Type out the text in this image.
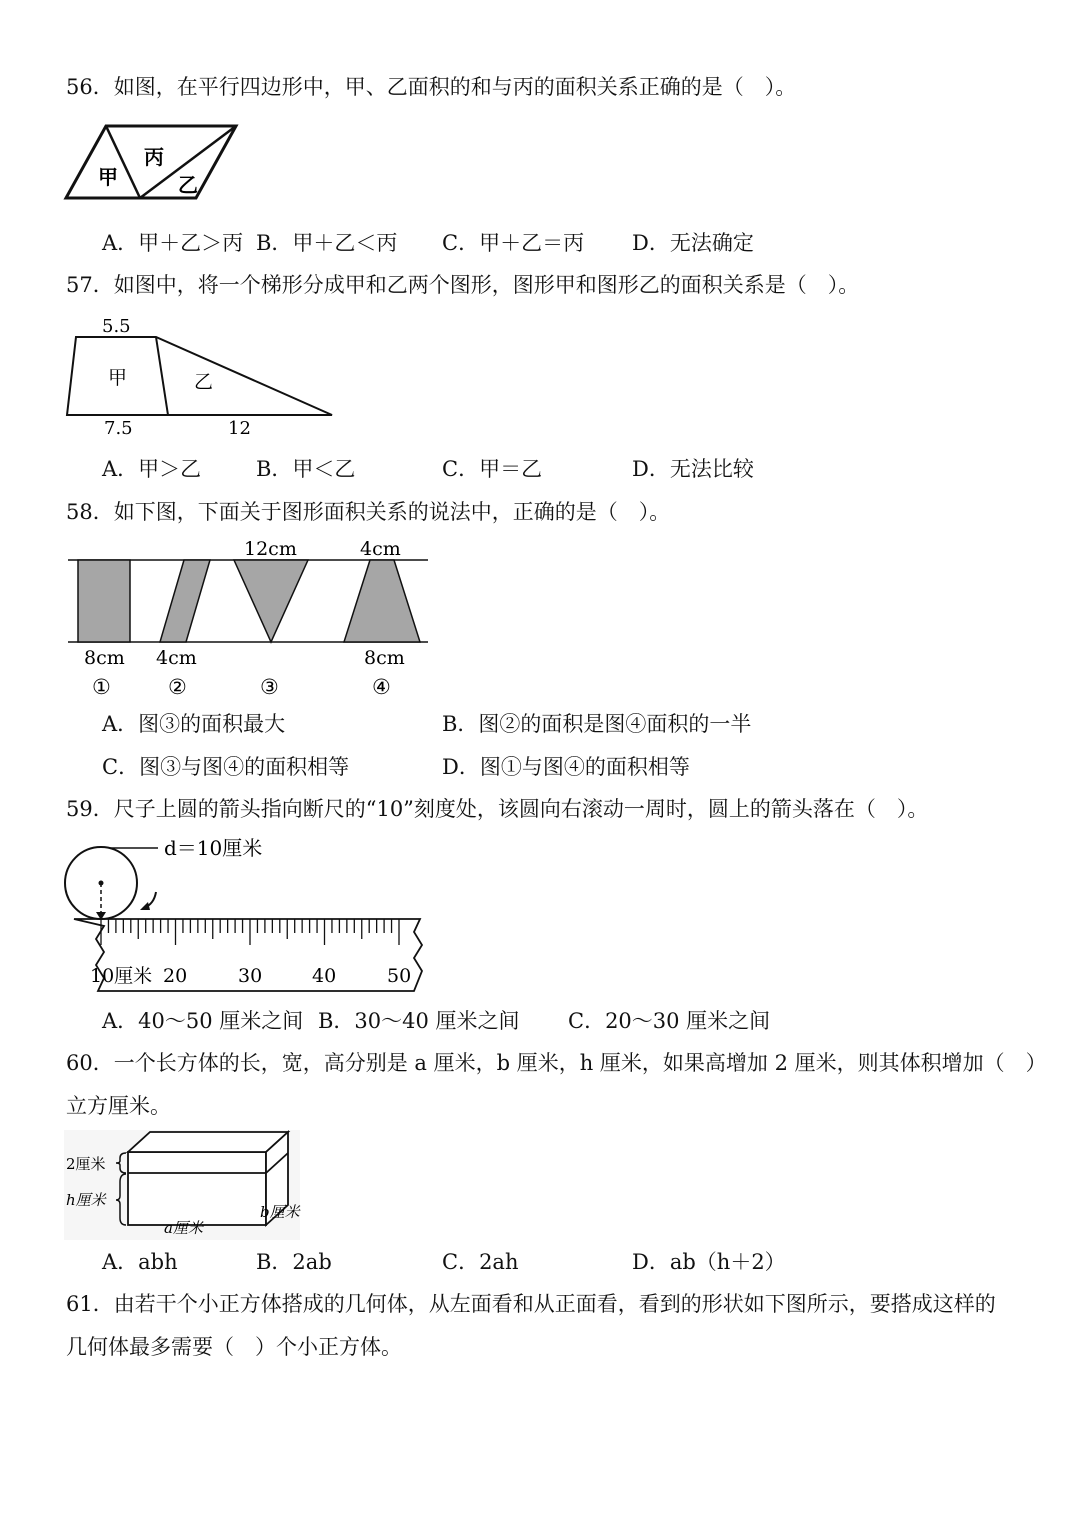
56．如图，在平行四边形中，甲、乙面积的和与丙的面积关系正确的是（　）。
甲
丙
乙
A．甲＋乙＞丙 B．甲＋乙＜丙 C．甲＋乙＝丙 D．无法确定
57．如图中，将一个梯形分成甲和乙两个图形，图形甲和图形乙的面积关系是（　）。
5.5
甲	乙
7.5	12
A．甲＞乙	B．甲＜乙	C．甲＝乙	D．无法比较
58．如下图，下面关于图形面积关系的说法中，正确的是（　）。
12cm	4cm
8cm 4cm	8cm
①	②	③	④
A．图③的面积最大	B．图②的面积是图④面积的一半
C．图③与图④的面积相等	D．图①与图④的面积相等
59．尺子上圆的箭头指向断尺的“10”刻度处，该圆向右滚动一周时，圆上的箭头落在（　）。
d＝10厘米
10厘米 20	30	40	50
A．40～50 厘米之间 B．30～40 厘米之间 C．20～30 厘米之间
60．一个长方体的长，宽，高分别是 a 厘米，b 厘米，h 厘米，如果高增加 2 厘米，则其体积增加（　）
立方厘米。
2厘米
h厘米
a厘米
b厘米
A．abh	B．2ab	C．2ah	D．ab（h＋2）
61．由若干个小正方体搭成的几何体，从左面看和从正面看，看到的形状如下图所示，要搭成这样的
几何体最多需要（　）个小正方体。
